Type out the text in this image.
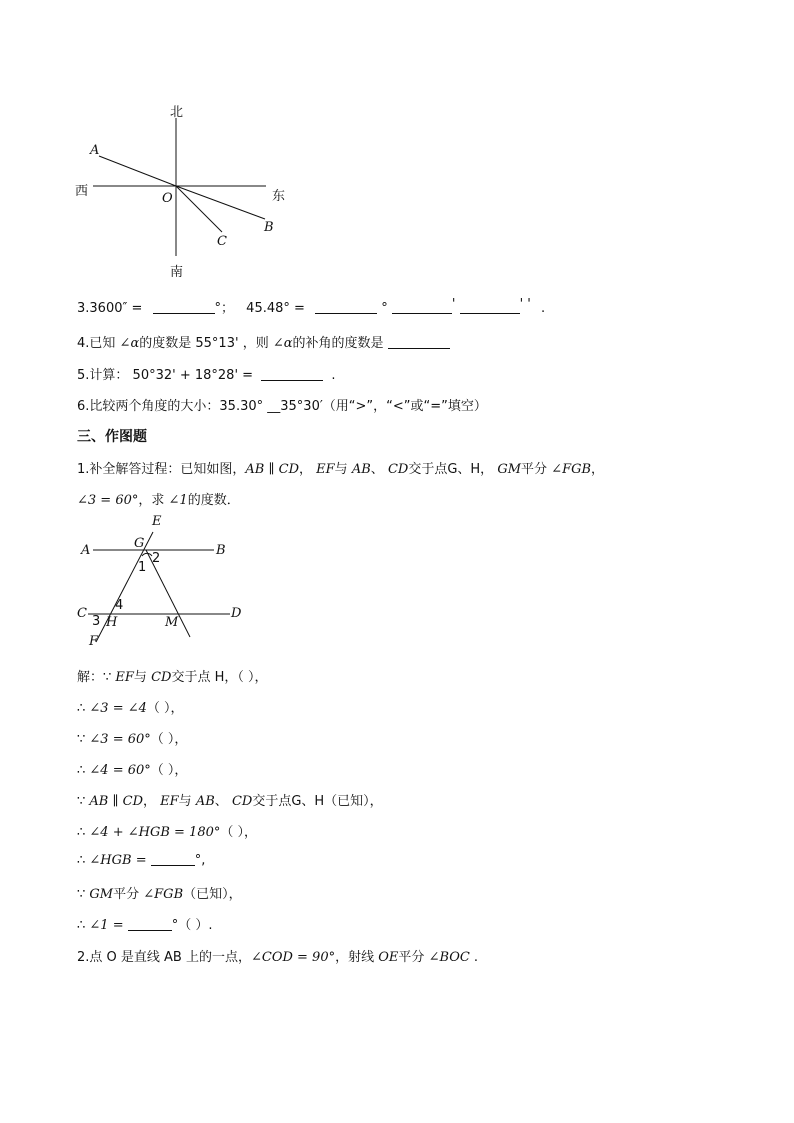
北
南
西	东
A
O
B
C
3.3600″ =	°； 45.48° =	°	'	' ' .
4.已知 ∠α的度数是 55°13' ，则 ∠α的补角的度数是
5.计算： 50°32' + 18°28' =	.
6.比较两个角度的大小：35.30° __35°30′（用“>”，“<”或“=”填空）
三、作图题
1.补全解答过程：已知如图，AB ∥ CD， EF与 AB、 CD交于点G、H， GM平分 ∠FGB，
∠3 = 60°，求 ∠1的度数．
E
G
A	B
1
2
C
4
3 H	M
D
F
解：∵ EF与 CD交于点 H，（ ），
∴ ∠3 = ∠4（ ），
∵ ∠3 = 60°（ ），
∴ ∠4 = 60°（ ），
∵ AB ∥ CD， EF与 AB、 CD交于点G、H（已知），
∴ ∠4 + ∠HGB = 180°（ ），
∴ ∠HGB =	°,
∵ GM平分 ∠FGB（已知），
∴ ∠1 =	°（ ）.
2.点 O 是直线 AB 上的一点，∠COD = 90°，射线 OE平分 ∠BOC .
